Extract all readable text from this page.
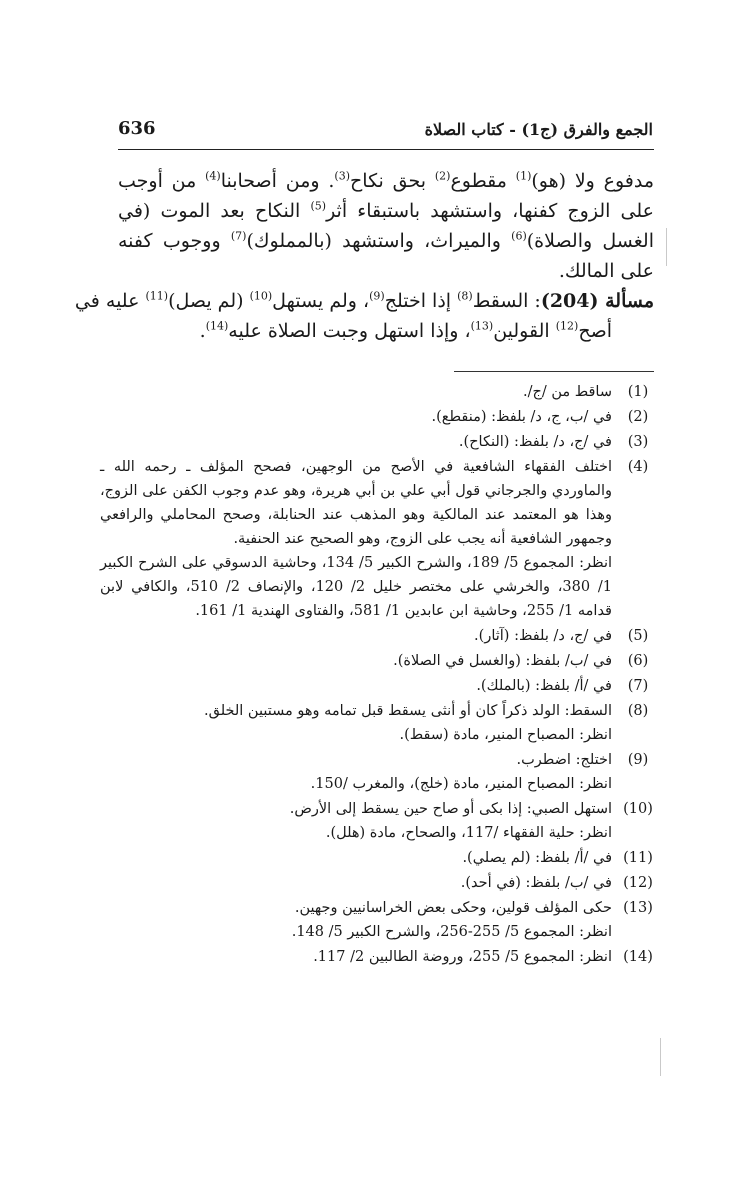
الجمع والفرق (ج1) - كتاب الصلاة
636

مدفوع ولا (هو)$^{(1)}$ مقطوع$^{(2)}$ بحق نكاح$^{(3)}$. ومن أصحابنا$^{(4)}$ من أوجب على الزوج كفنها، واستشهد باستبقاء أثر$^{(5)}$ النكاح بعد الموت (في الغسل والصلاة)$^{(6)}$ والميراث، واستشهد (بالمملوك)$^{(7)}$ ووجوب كفنه على المالك.

مسألة (204): السقط$^{(8)}$ إذا اختلج$^{(9)}$، ولم يستهل$^{(10)}$ (لم يصل)$^{(11)}$ عليه في
أصح$^{(12)}$ القولين$^{(13)}$، وإذا استهل وجبت الصلاة عليه$^{(14)}$.
(1)
ساقط من /ج/.
(2)
في /ب، ج، د/ بلفظ: (منقطع).
(3)
في /ج، د/ بلفظ: (النكاح).
(4)
اختلف الفقهاء الشافعية في الأصح من الوجهين، فصحح المؤلف ـ رحمه الله ـ والماوردي والجرجاني قول أبي علي بن أبي هريرة، وهو عدم وجوب الكفن على الزوج، وهذا هو المعتمد عند المالكية وهو المذهب عند الحنابلة، وصحح المحاملي والرافعي وجمهور الشافعية أنه يجب على الزوج، وهو الصحيح عند الحنفية.
انظر: المجموع 5/ 189، والشرح الكبير 5/ 134، وحاشية الدسوقي على الشرح الكبير 1/ 380، والخرشي على مختصر خليل 2/ 120، والإنصاف 2/ 510، والكافي لابن قدامه 1/ 255، وحاشية ابن عابدين 1/ 581، والفتاوى الهندية 1/ 161.
(5)
في /ج، د/ بلفظ: (آثار).
(6)
في /ب/ بلفظ: (والغسل في الصلاة).
(7)
في /أ/ بلفظ: (بالملك).
(8)
السقط: الولد ذكراً كان أو أنثى يسقط قبل تمامه وهو مستبين الخلق.
انظر: المصباح المنير، مادة (سقط).
(9)
اختلج: اضطرب.
انظر: المصباح المنير، مادة (خلج)، والمغرب /150.
(10)
استهل الصبي: إذا بكى أو صاح حين يسقط إلى الأرض.
انظر: حلية الفقهاء /117، والصحاح، مادة (هلل).
(11)
في /أ/ بلفظ: (لم يصلي).
(12)
في /ب/ بلفظ: (في أحد).
(13)
حكى المؤلف قولين، وحكى بعض الخراسانيين وجهين.
انظر: المجموع 5/ 255-256، والشرح الكبير 5/ 148.
(14)
انظر: المجموع 5/ 255، وروضة الطالبين 2/ 117.
